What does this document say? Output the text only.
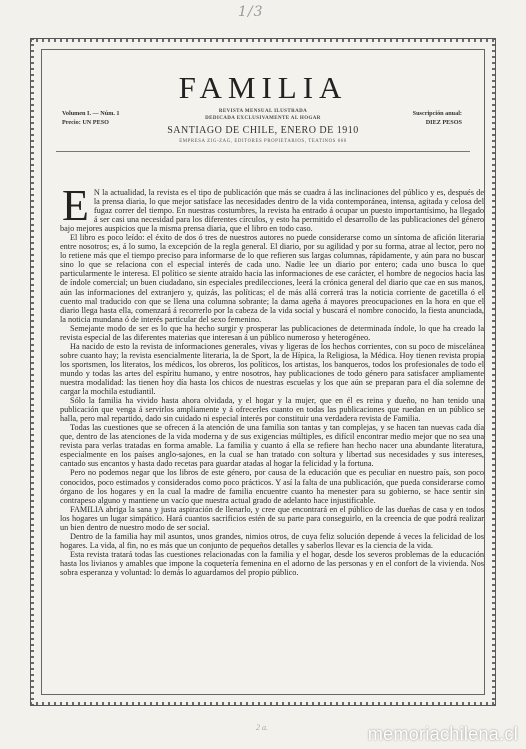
1/3
FAMILIA
Volumen I. — Núm. 1
Precio: UN PESO
REVISTA MENSUAL ILUSTRADA
DEDICADA EXCLUSIVAMENTE AL HOGAR
Suscripción anual:
DIEZ PESOS
SANTIAGO DE CHILE, ENERO DE 1910
EMPRESA ZIG-ZAG, EDITORES PROPIETARIOS, TEATINOS 666

E N la actualidad, la revista es el tipo de publicación que más se cuadra á las inclinaciones del público y es, después de la prensa diaria, lo que mejor satisface las necesidades dentro de la vida contemporánea, intensa, agitada y celosa del fugaz correr del tiempo. En nuestras costumbres, la revista ha entrado á ocupar un puesto importantísimo, ha llegado á ser casi una necesidad para los diferentes círculos, y esto ha permitido el desarrollo de las publicaciones del género bajo mejores auspicios que la misma prensa diaria, que el libro en todo caso.

El libro es poco leído: el éxito de dos ó tres de nuestros autores no puede considerarse como un síntoma de afición literaria entre nosotros; es, á lo sumo, la excepción de la regla general. El diario, por su agilidad y por su forma, atrae al lector, pero no lo retiene más que el tiempo preciso para informarse de lo que refieren sus largas columnas, rápidamente, y aún para no buscar sino lo que se relaciona con el especial interés de cada uno. Nadie lee un diario por entero; cada uno busca lo que particularmente le interesa. El político se siente atraído hacia las informaciones de ese carácter, el hombre de negocios hacia las de índole comercial; un buen ciudadano, sin especiales predilecciones, leerá la crónica general del diario que cae en sus manos, aún las informaciones del extranjero y, quizás, las políticas; el de más allá correrá tras la noticia corriente de gacetilla ó el cuento mal traducido con que se llena una columna sobrante; la dama ageña á mayores preocupaciones en la hora en que el diario llega hasta ella, comenzará á recorrerlo por la cabeza de la vida social y buscará el nombre conocido, la fiesta anunciada, la noticia mundana ó de interés particular del sexo femenino.

Semejante modo de ser es lo que ha hecho surgir y prosperar las publicaciones de determinada índole, lo que ha creado la revista especial de las diferentes materias que interesan á un público numeroso y heterogéneo.

Ha nacido de esto la revista de informaciones generales, vivas y ligeras de los hechos corrientes, con su poco de miscelánea sobre cuanto hay; la revista esencialmente literaria, la de Sport, la de Hípica, la Religiosa, la Médica. Hoy tienen revista propia los sportsmen, los literatos, los médicos, los obreros, los políticos, los artistas, los banqueros, todos los profesionales de todo el mundo y todas las artes del espíritu humano, y entre nosotros, hay publicaciones de todo género para satisfacer ampliamente nuestra modalidad: las tienen hoy día hasta los chicos de nuestras escuelas y los que aún se preparan para el día solemne de cargar la mochila estudiantil.

Sólo la familia ha vivido hasta ahora olvidada, y el hogar y la mujer, que en él es reina y dueño, no han tenido una publicación que venga á servirlos ampliamente y á ofrecerles cuanto en todas las publicaciones que ruedan en un público se halla, pero mal repartido, dado sin cuidado ni especial interés por constituir una verdadera revista de Familia.

Todas las cuestiones que se ofrecen á la atención de una familia son tantas y tan complejas, y se hacen tan nuevas cada día que, dentro de las atenciones de la vida moderna y de sus exigencias múltiples, es difícil encontrar medio mejor que no sea una revista para verlas tratadas en forma amable. La familia y cuanto á ella se refiere han hecho nacer una abundante literatura, especialmente en los países anglo-sajones, en la cual se han tratado con soltura y libertad sus necesidades y sus intereses, cantado sus encantos y hasta dado recetas para guardar atadas al hogar la felicidad y la fortuna.

Pero no podemos negar que los libros de este género, por causa de la educación que es peculiar en nuestro país, son poco conocidos, poco estimados y considerados como poco prácticos. Y así la falta de una publicación, que pueda considerarse como órgano de los hogares y en la cual la madre de familia encuentre cuanto ha menester para su gobierno, se hace sentir sin contrapeso alguno y mantiene un vacío que nuestra actual grado de adelanto hace injustificable.

FAMILIA abriga la sana y justa aspiración de llenarlo, y cree que encontrará en el público de las dueñas de casa y en todos los hogares un lugar simpático. Hará cuantos sacrificios estén de su parte para conseguirlo, en la creencia de que podrá realizar un bien dentro de nuestro modo de ser social.

Dentro de la familia hay mil asuntos, unos grandes, nimios otros, de cuya feliz solución depende á veces la felicidad de los hogares. La vida, al fin, no es más que un conjunto de pequeños detalles y saberlos llevar es la ciencia de la vida.

Esta revista tratará todas las cuestiones relacionadas con la familia y el hogar, desde los severos problemas de la educación hasta los livianos y amables que impone la coquetería femenina en el adorno de las personas y en el confort de la vivienda. Nos sobra esperanza y voluntad: lo demás lo aguardamos del propio público.

2 a.	memoriachilena.cl
